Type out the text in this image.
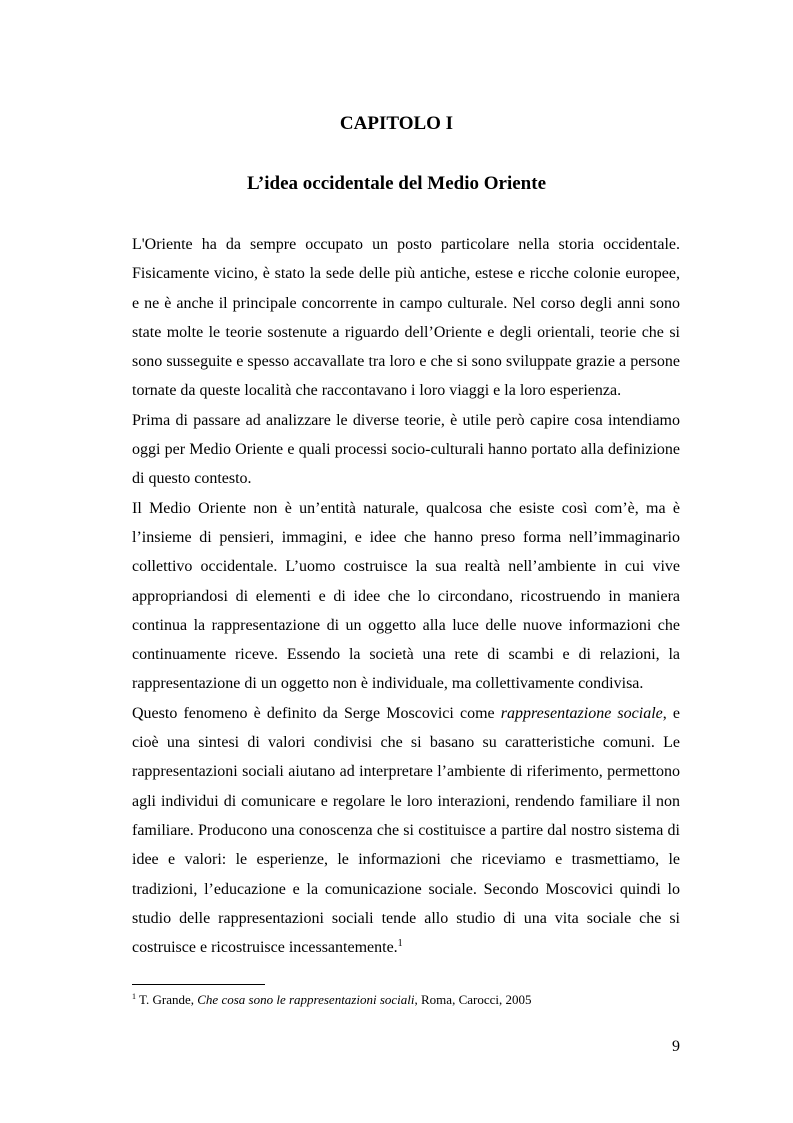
CAPITOLO I
L’idea occidentale del Medio Oriente

L'Oriente ha da sempre occupato un posto particolare nella storia occidentale. Fisicamente vicino, è stato la sede delle più antiche, estese e ricche colonie europee, e ne è anche il principale concorrente in campo culturale. Nel corso degli anni sono state molte le teorie sostenute a riguardo dell’Oriente e degli orientali, teorie che si sono susseguite e spesso accavallate tra loro e che si sono sviluppate grazie a persone tornate da queste località che raccontavano i loro viaggi e la loro esperienza.

Prima di passare ad analizzare le diverse teorie, è utile però capire cosa intendiamo oggi per Medio Oriente e quali processi socio-culturali hanno portato alla definizione di questo contesto.

Il Medio Oriente non è un’entità naturale, qualcosa che esiste così com’è, ma è l’insieme di pensieri, immagini, e idee che hanno preso forma nell’immaginario collettivo occidentale. L’uomo costruisce la sua realtà nell’ambiente in cui vive appropriandosi di elementi e di idee che lo circondano, ricostruendo in maniera continua la rappresentazione di un oggetto alla luce delle nuove informazioni che continuamente riceve. Essendo la società una rete di scambi e di relazioni, la rappresentazione di un oggetto non è individuale, ma collettivamente condivisa.

Questo fenomeno è definito da Serge Moscovici come rappresentazione sociale, e cioè una sintesi di valori condivisi che si basano su caratteristiche comuni. Le rappresentazioni sociali aiutano ad interpretare l’ambiente di riferimento, permettono agli individui di comunicare e regolare le loro interazioni, rendendo familiare il non familiare. Producono una conoscenza che si costituisce a partire dal nostro sistema di idee e valori: le esperienze, le informazioni che riceviamo e trasmettiamo, le tradizioni, l’educazione e la comunicazione sociale. Secondo Moscovici quindi lo studio delle rappresentazioni sociali tende allo studio di una vita sociale che si costruisce e ricostruisce incessantemente.$^1$

$^1$ T. Grande, Che cosa sono le rappresentazioni sociali, Roma, Carocci, 2005
9
